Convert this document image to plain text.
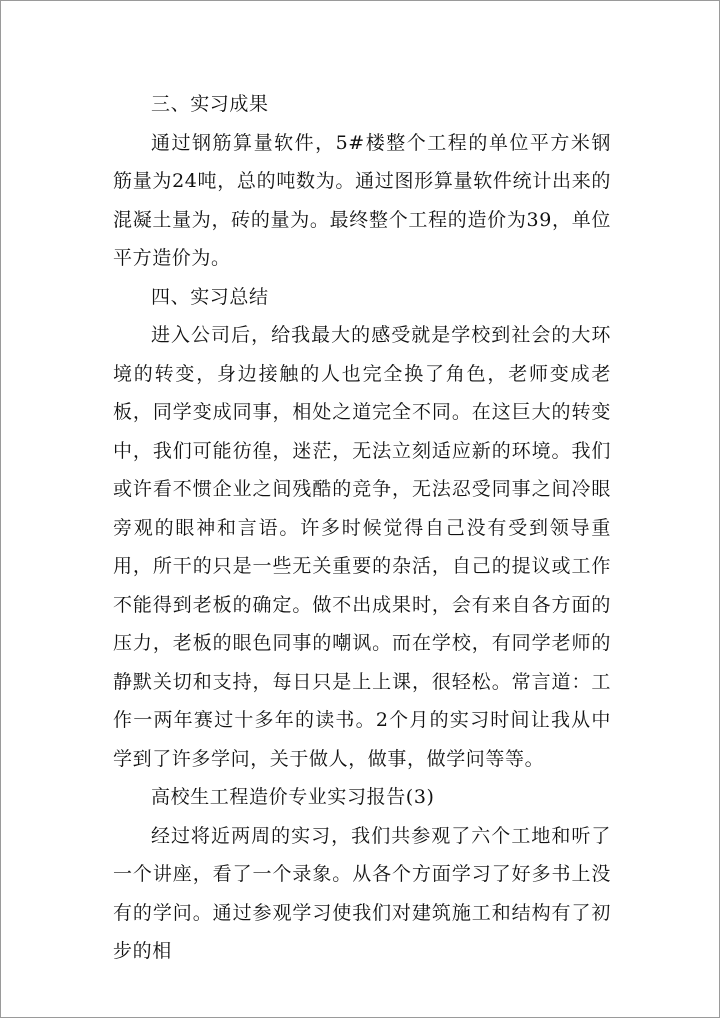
三、实习成果

通过钢筋算量软件，5#楼整个工程的单位平方米钢筋量为24吨，总的吨数为。通过图形算量软件统计出来的混凝土量为，砖的量为。最终整个工程的造价为39，单位平方造价为。

四、实习总结

进入公司后，给我最大的感受就是学校到社会的大环境的转变，身边接触的人也完全换了角色，老师变成老板，同学变成同事，相处之道完全不同。在这巨大的转变中，我们可能彷徨，迷茫，无法立刻适应新的环境。我们或许看不惯企业之间残酷的竞争，无法忍受同事之间冷眼旁观的眼神和言语。许多时候觉得自己没有受到领导重用，所干的只是一些无关重要的杂活，自己的提议或工作不能得到老板的确定。做不出成果时，会有来自各方面的压力，老板的眼色同事的嘲讽。而在学校，有同学老师的静默关切和支持，每日只是上上课，很轻松。常言道：工作一两年赛过十多年的读书。2个月的实习时间让我从中学到了许多学问，关于做人，做事，做学问等等。

高校生工程造价专业实习报告(3)

经过将近两周的实习，我们共参观了六个工地和听了一个讲座，看了一个录象。从各个方面学习了好多书上没有的学问。通过参观学习使我们对建筑施工和结构有了初步的相
